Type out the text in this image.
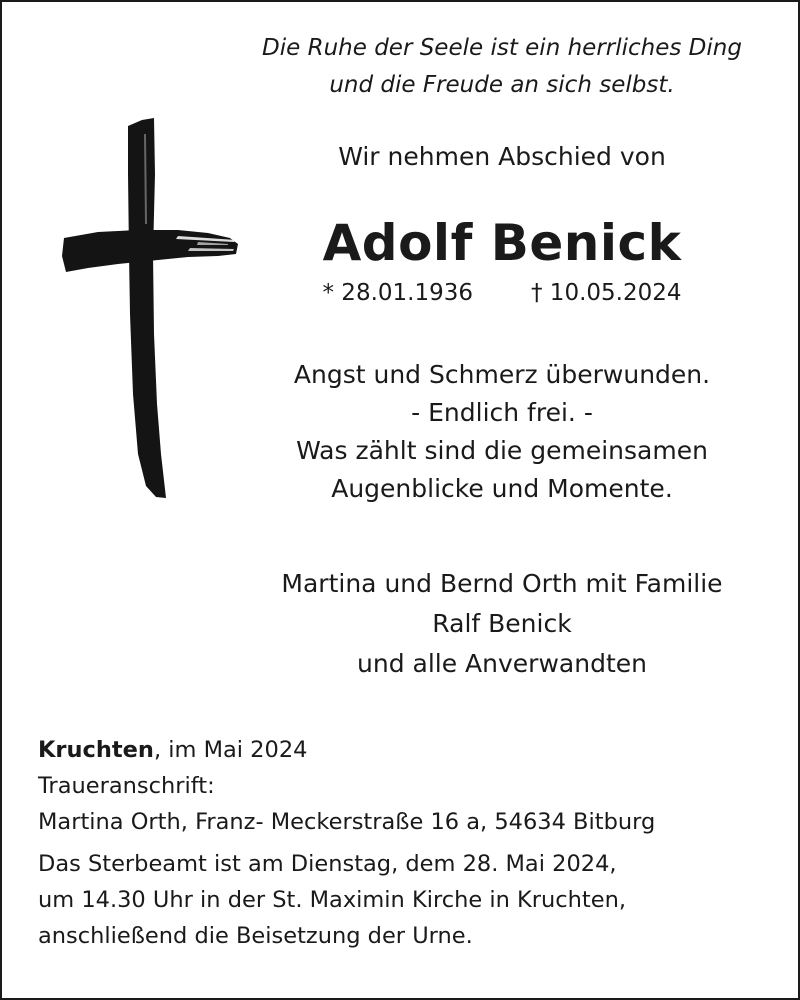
Die Ruhe der Seele ist ein herrliches Ding
und die Freude an sich selbst.
Wir nehmen Abschied von
Adolf Benick
* 28.01.1936	† 10.05.2024
Angst und Schmerz überwunden.
- Endlich frei. -
Was zählt sind die gemeinsamen
Augenblicke und Momente.
Martina und Bernd Orth mit Familie
Ralf Benick
und alle Anverwandten
Kruchten, im Mai 2024
Traueranschrift:
Martina Orth, Franz- Meckerstraße 16 a, 54634 Bitburg
Das Sterbeamt ist am Dienstag, dem 28. Mai 2024,
um 14.30 Uhr in der St. Maximin Kirche in Kruchten,
anschließend die Beisetzung der Urne.
